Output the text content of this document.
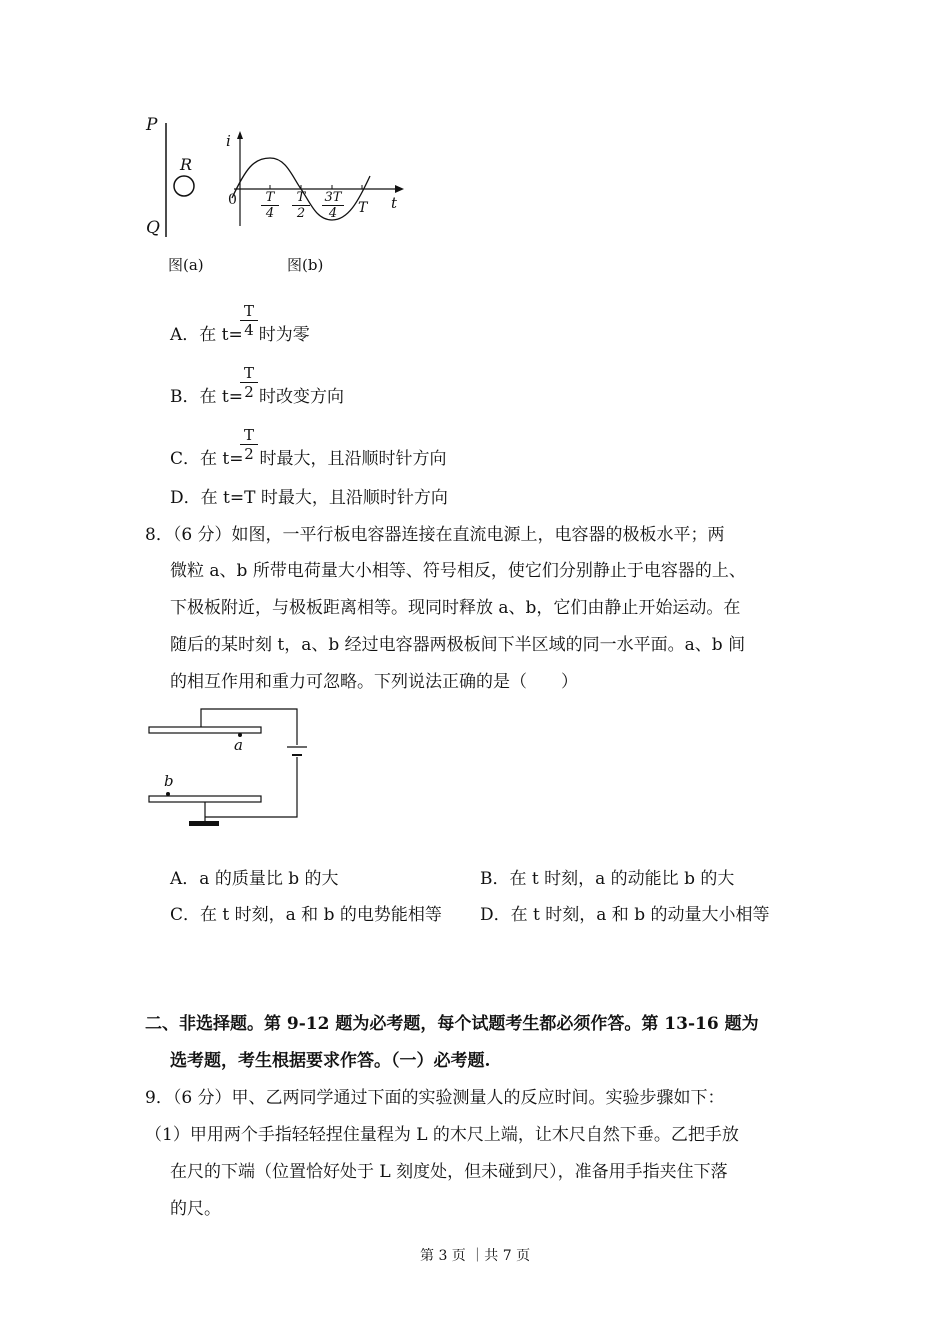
P
Q
R
图(a)
i
t
$0 \frac{T}{4} \frac{T}{2} \frac{3T}{4}$ T
图(b)
A．在 t= 时为零
$\frac{T}{4}$
B．在 t= 时改变方向
$\frac{T}{2}$
C．在 t= 时最大，且沿顺时针方向
$\frac{T}{2}$
D．在 t=T 时最大，且沿顺时针方向
8．（6 分）如图，一平行板电容器连接在直流电源上，电容器的极板水平；两
微粒 a、b 所带电荷量大小相等、符号相反，使它们分别静止于电容器的上、
下极板附近，与极板距离相等。现同时释放 a、b，它们由静止开始运动。在
随后的某时刻 t，a、b 经过电容器两极板间下半区域的同一水平面。a、b 间
的相互作用和重力可忽略。下列说法正确的是（　　）
a
b
A．a 的质量比 b 的大	B．在 t 时刻，a 的动能比 b 的大
C．在 t 时刻，a 和 b 的电势能相等 D．在 t 时刻，a 和 b 的动量大小相等
二、非选择题。第 9-12 题为必考题，每个试题考生都必须作答。第 13-16 题为
选考题，考生根据要求作答。（一）必考题.
9．（6 分）甲、乙两同学通过下面的实验测量人的反应时间。实验步骤如下：
（1）甲用两个手指轻轻捏住量程为 L 的木尺上端，让木尺自然下垂。乙把手放
在尺的下端（位置恰好处于 L 刻度处，但未碰到尺），准备用手指夹住下落
的尺。
第 3 页 ｜共 7 页
